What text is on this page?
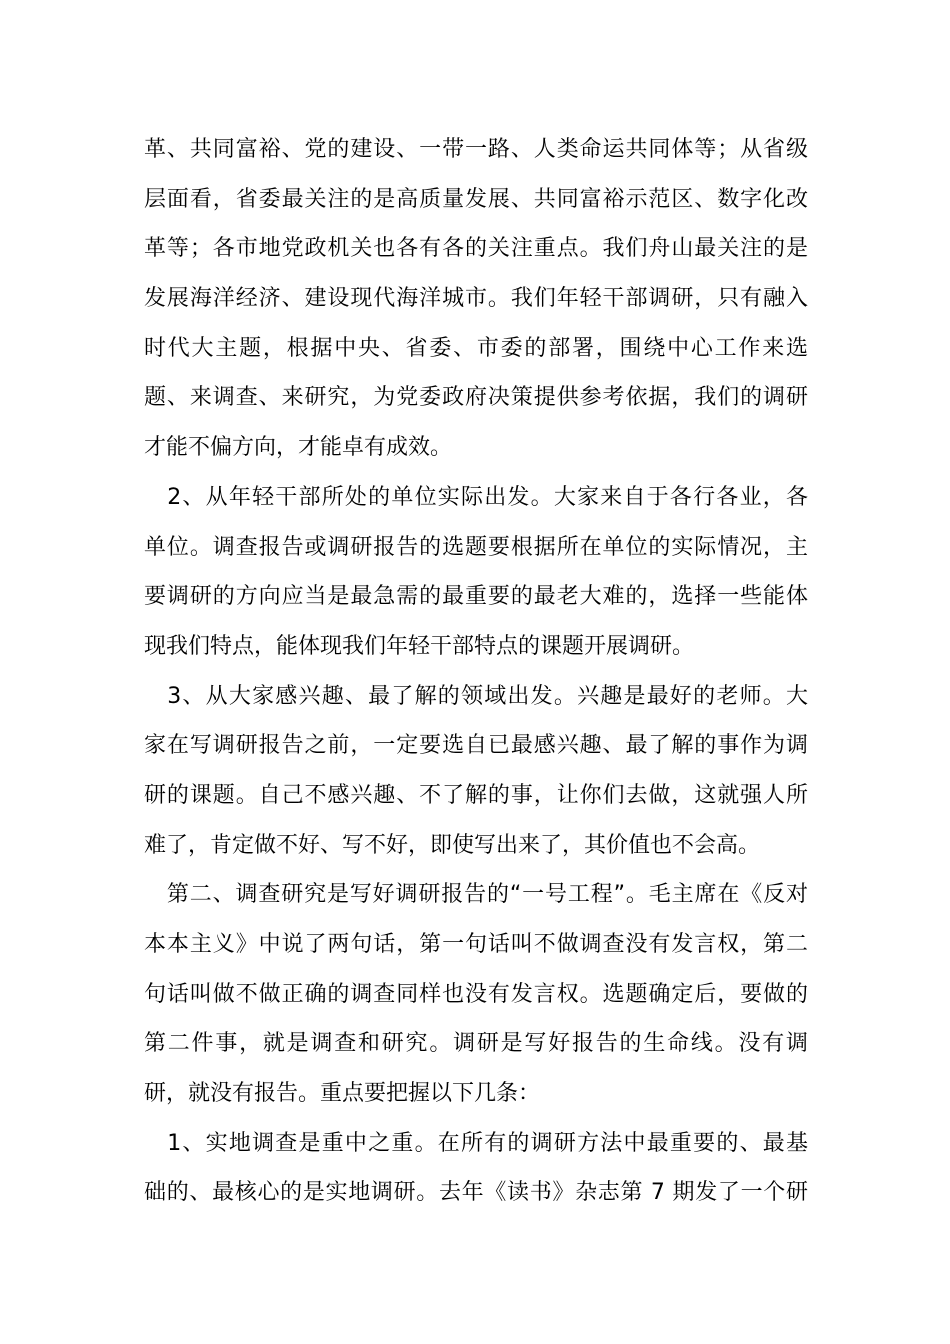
革、共同富裕、党的建设、一带一路、人类命运共同体等；从省级
层面看，省委最关注的是高质量发展、共同富裕示范区、数字化改
革等；各市地党政机关也各有各的关注重点。我们舟山最关注的是
发展海洋经济、建设现代海洋城市。我们年轻干部调研，只有融入
时代大主题，根据中央、省委、市委的部署，围绕中心工作来选
题、来调查、来研究，为党委政府决策提供参考依据，我们的调研
才能不偏方向，才能卓有成效。
　2、从年轻干部所处的单位实际出发。大家来自于各行各业，各
单位。调查报告或调研报告的选题要根据所在单位的实际情况，主
要调研的方向应当是最急需的最重要的最老大难的，选择一些能体
现我们特点，能体现我们年轻干部特点的课题开展调研。
　3、从大家感兴趣、最了解的领域出发。兴趣是最好的老师。大
家在写调研报告之前，一定要选自已最感兴趣、最了解的事作为调
研的课题。自己不感兴趣、不了解的事，让你们去做，这就强人所
难了，肯定做不好、写不好，即使写出来了，其价值也不会高。
　第二、调查研究是写好调研报告的“一号工程”。毛主席在《反对
本本主义》中说了两句话，第一句话叫不做调查没有发言权，第二
句话叫做不做正确的调查同样也没有发言权。选题确定后，要做的
第二件事，就是调查和研究。调研是写好报告的生命线。没有调
研，就没有报告。重点要把握以下几条：
　1、实地调查是重中之重。在所有的调研方法中最重要的、最基
础的、最核心的是实地调研。去年《读书》杂志第 7 期发了一个研
